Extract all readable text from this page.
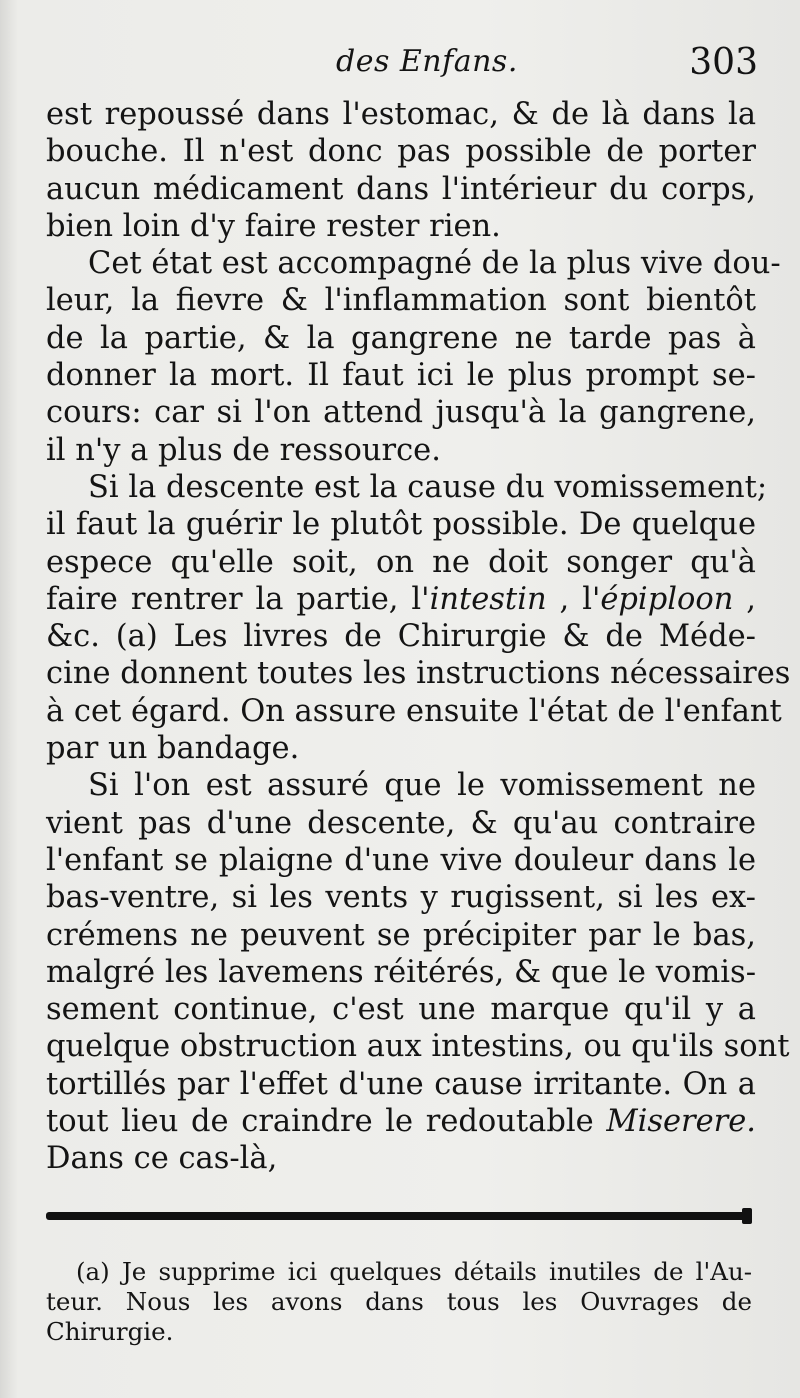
des Enfans.	303

est repoussé dans l'estomac, & de là dans la
bouche. Il n'est donc pas possible de porter
aucun médicament dans l'intérieur du corps,
bien loin d'y faire rester rien.

Cet état est accompagné de la plus vive dou-
leur, la fievre & l'inflammation sont bientôt
de la partie, & la gangrene ne tarde pas à
donner la mort. Il faut ici le plus prompt se-
cours: car si l'on attend jusqu'à la gangrene,
il n'y a plus de ressource.

Si la descente est la cause du vomissement;
il faut la guérir le plutôt possible. De quelque
espece qu'elle soit, on ne doit songer qu'à
faire rentrer la partie, l'intestin , l'épiploon ,
&c. (a) Les livres de Chirurgie & de Méde-
cine donnent toutes les instructions nécessaires
à cet égard. On assure ensuite l'état de l'enfant
par un bandage.

Si l'on est assuré que le vomissement ne
vient pas d'une descente, & qu'au contraire
l'enfant se plaigne d'une vive douleur dans le
bas-ventre, si les vents y rugissent, si les ex-
crémens ne peuvent se précipiter par le bas,
malgré les lavemens réitérés, & que le vomis-
sement continue, c'est une marque qu'il y a
quelque obstruction aux intestins, ou qu'ils sont
tortillés par l'effet d'une cause irritante. On a
tout lieu de craindre le redoutable Miserere.
Dans ce cas-là,

(a) Je supprime ici quelques détails inutiles de l'Au-
teur. Nous les avons dans tous les Ouvrages de
Chirurgie.
